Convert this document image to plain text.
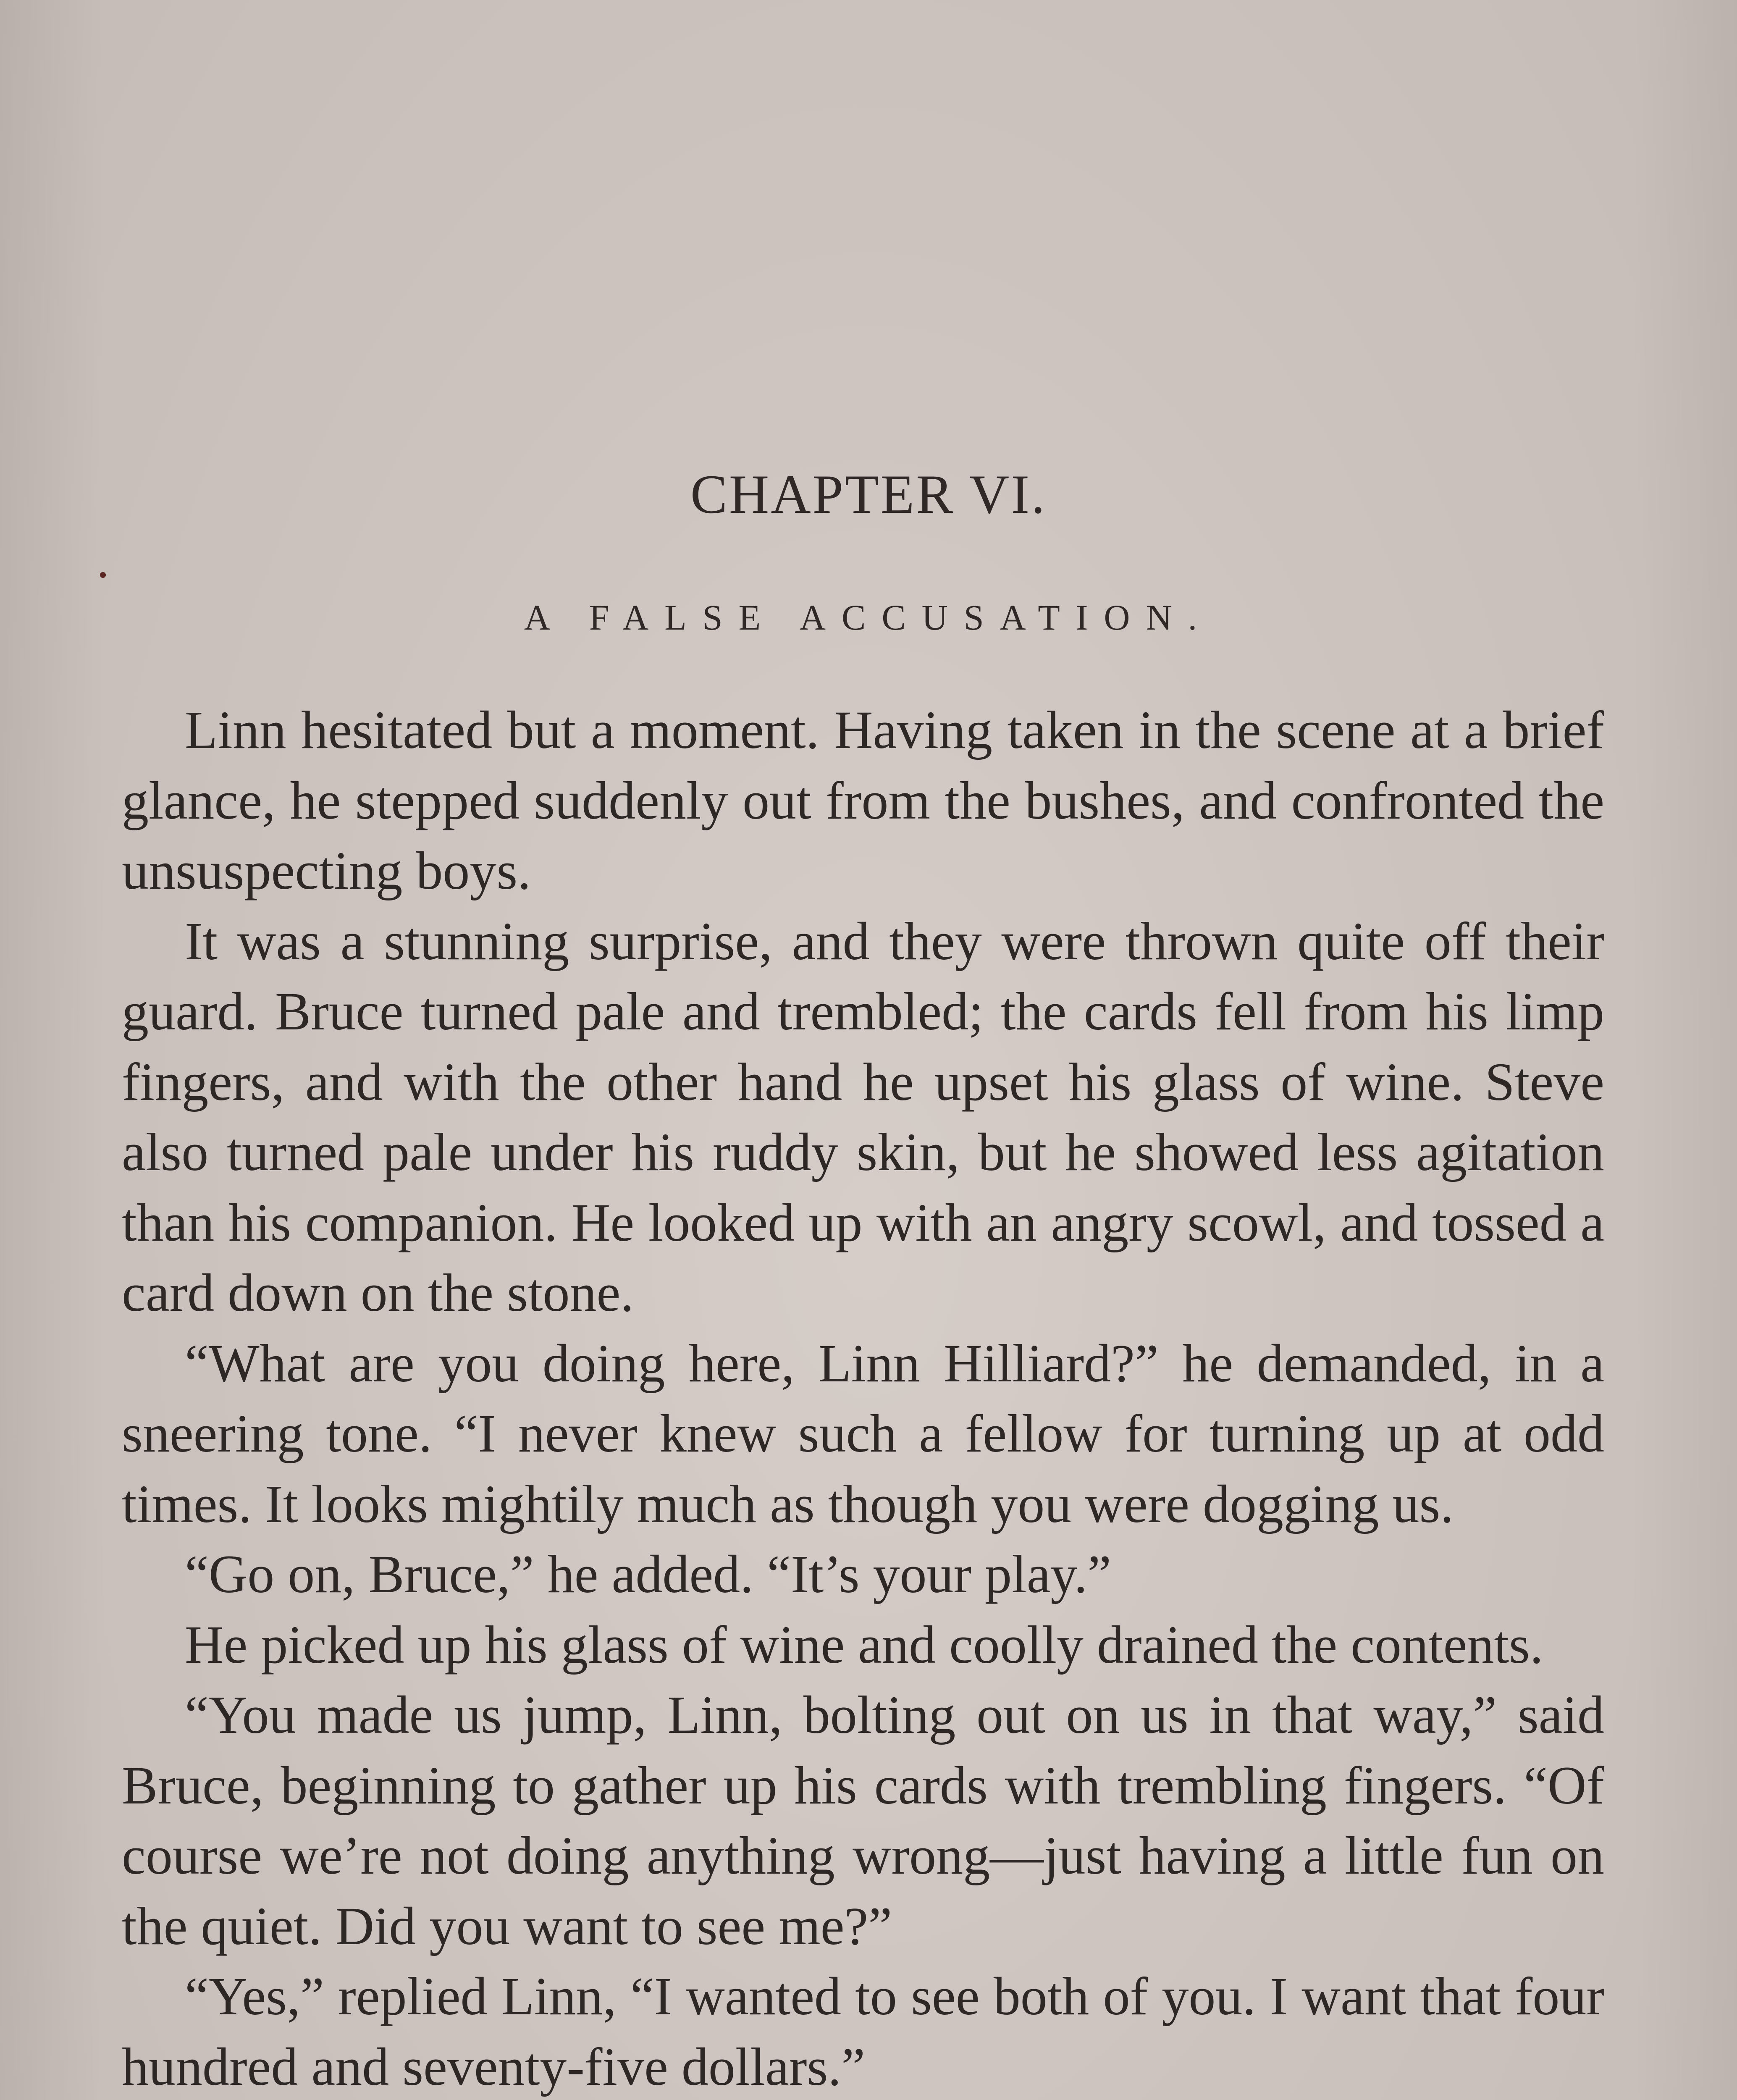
CHAPTER VI.
A FALSE ACCUSATION.

Linn hesitated but a moment. Having taken in the scene at a brief glance, he stepped suddenly out from the bushes, and confronted the unsuspecting boys.

It was a stunning surprise, and they were thrown quite off their guard. Bruce turned pale and trembled; the cards fell from his limp fingers, and with the other hand he upset his glass of wine. Steve also turned pale under his ruddy skin, but he showed less agitation than his companion. He looked up with an angry scowl, and tossed a card down on the stone.

“What are you doing here, Linn Hilliard?” he demanded, in a sneering tone. “I never knew such a fellow for turning up at odd times. It looks mightily much as though you were dogging us.

“Go on, Bruce,” he added. “It’s your play.”

He picked up his glass of wine and coolly drained the contents.

“You made us jump, Linn, bolting out on us in that way,” said Bruce, beginning to gather up his cards with trembling fingers. “Of course we’re not doing anything wrong—just having a little fun on the quiet. Did you want to see me?”

“Yes,” replied Linn, “I wanted to see both of you. I want that four hundred and seventy-five dollars.”
